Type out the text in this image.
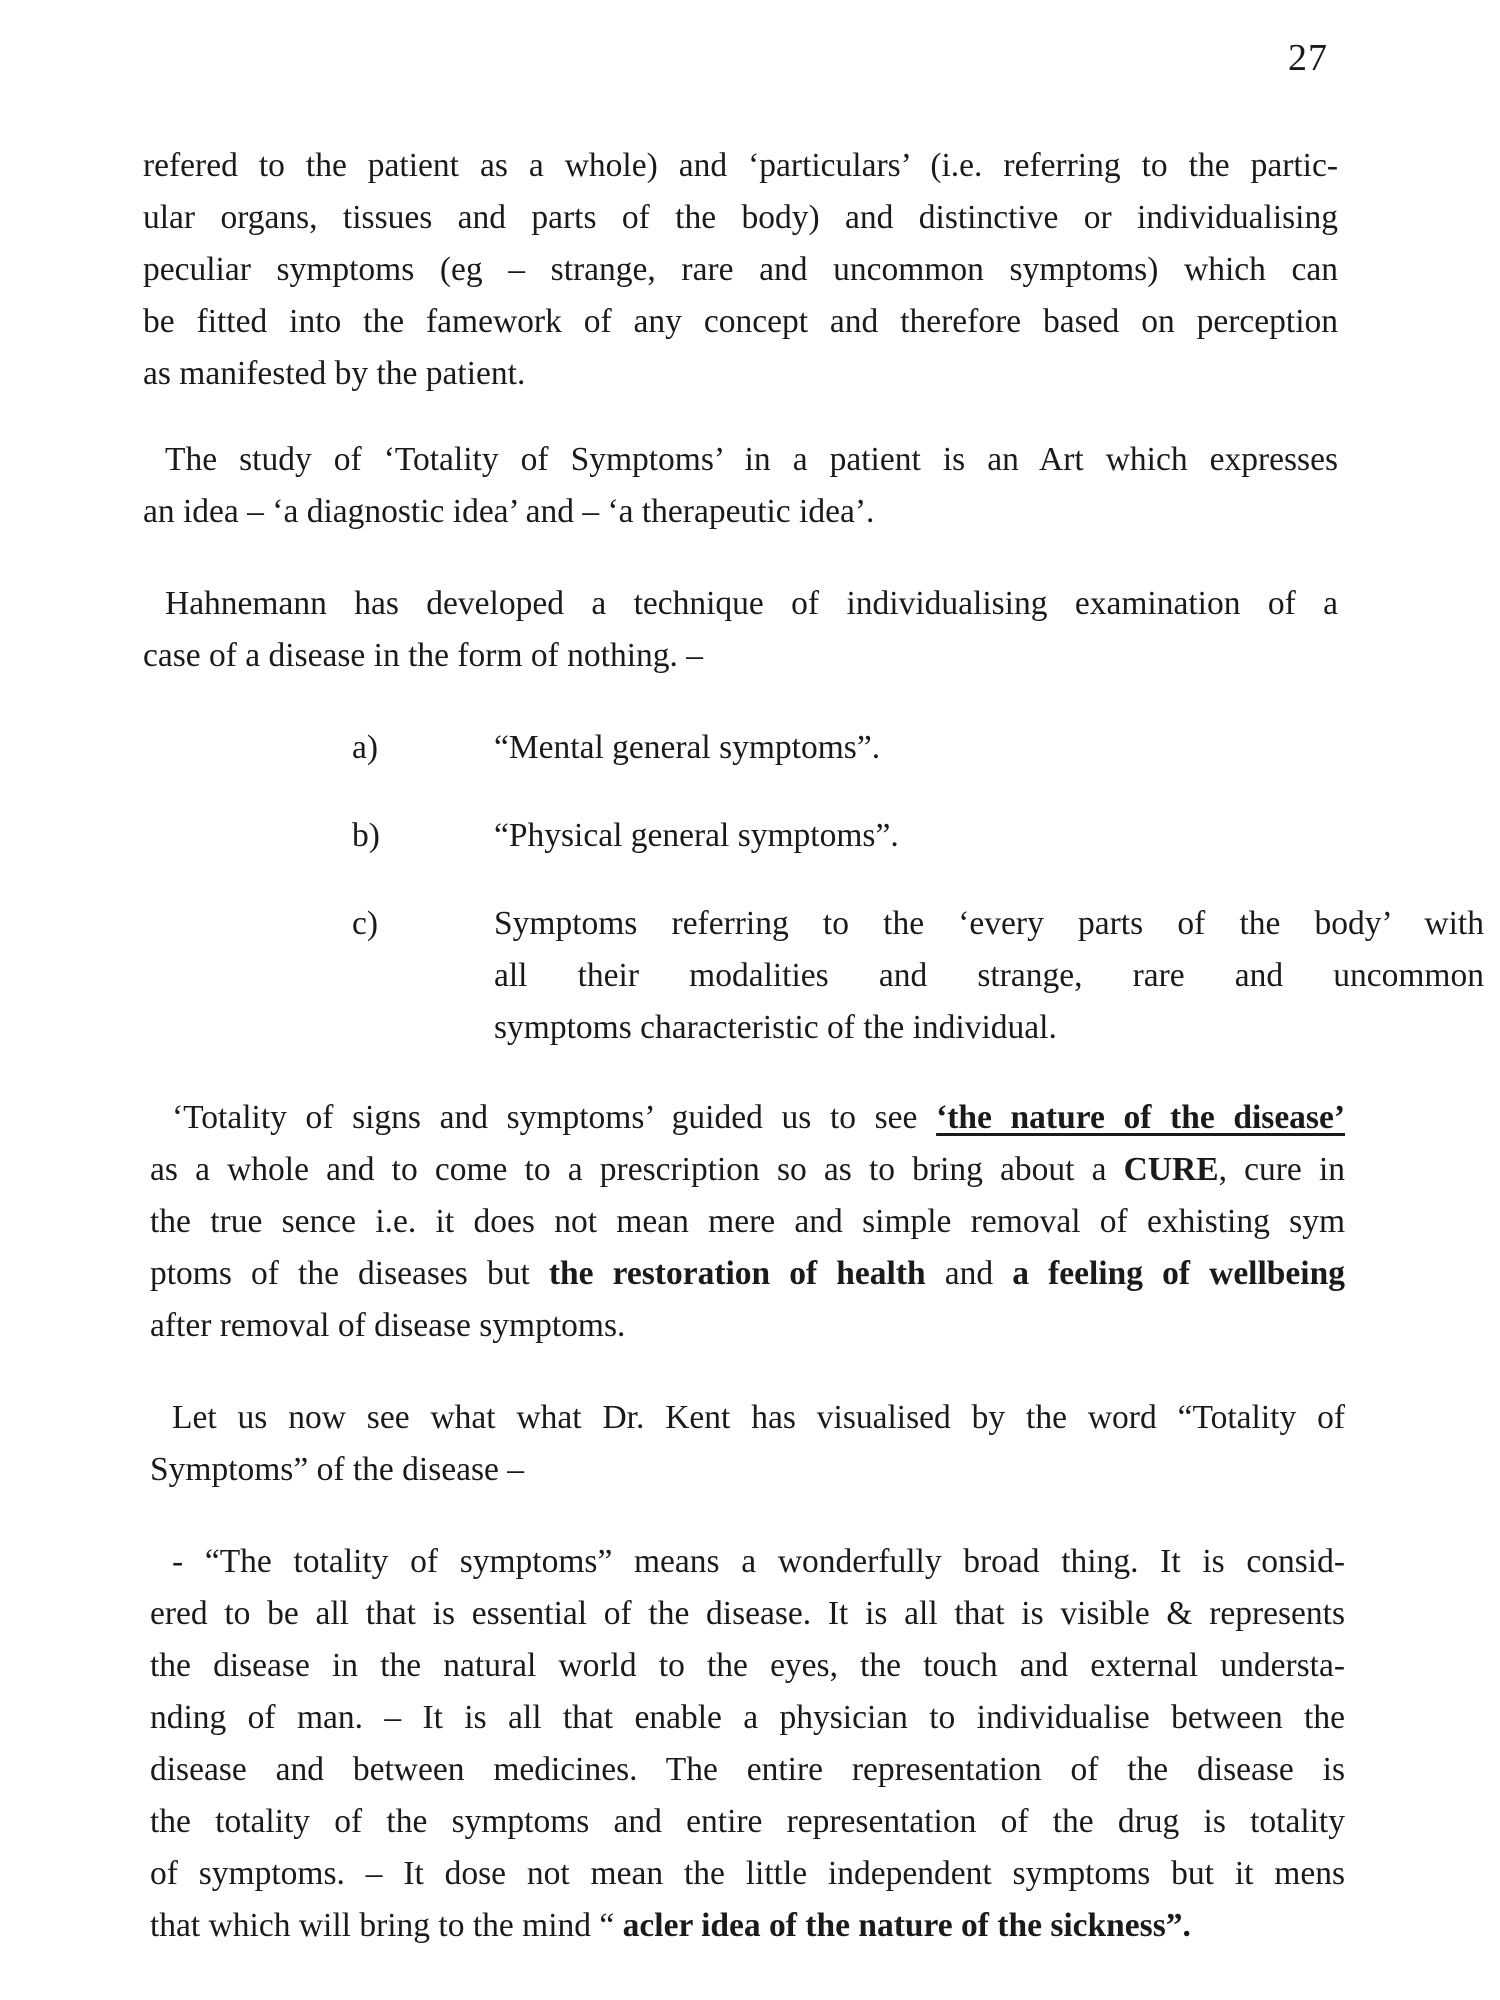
27
refered to the patient as a whole) and ‘particulars’ (i.e. referring to the partic-
ular organs, tissues and parts of the body) and distinctive or individualising
peculiar symptoms (eg – strange, rare and uncommon symptoms) which can
be fitted into the famework of any concept and therefore based on perception
as manifested by the patient.
The study of ‘Totality of Symptoms’ in a patient is an Art which expresses
an idea – ‘a diagnostic idea’ and – ‘a therapeutic idea’.
Hahnemann has developed a technique of individualising examination of a
case of a disease in the form of nothing. –
a)	“Mental general symptoms”.
b)	“Physical general symptoms”.
c)	Symptoms referring to the ‘every parts of the body’ with
all their modalities and strange, rare and uncommon
symptoms characteristic of the individual.
‘Totality of signs and symptoms’ guided us to see ‘the nature of the disease’
as a whole and to come to a prescription so as to bring about a CURE, cure in
the true sence i.e. it does not mean mere and simple removal of exhisting sym
ptoms of the diseases but the restoration of health and a feeling of wellbeing
after removal of disease symptoms.
Let us now see what what Dr. Kent has visualised by the word “Totality of
Symptoms” of the disease –
- “The totality of symptoms” means a wonderfully broad thing. It is consid-
ered to be all that is essential of the disease. It is all that is visible & represents
the disease in the natural world to the eyes, the touch and external understa-
nding of man. – It is all that enable a physician to individualise between the
disease and between medicines. The entire representation of the disease is
the totality of the symptoms and entire representation of the drug is totality
of symptoms. – It dose not mean the little independent symptoms but it mens
that which will bring to the mind “ acler idea of the nature of the sickness”.
